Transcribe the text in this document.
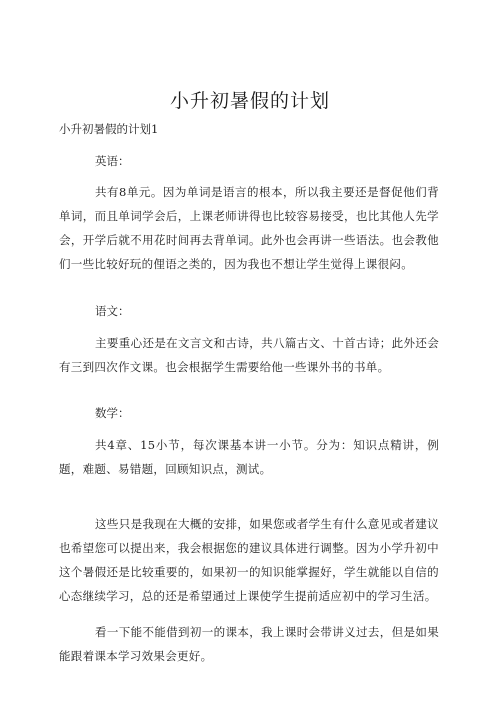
小升初暑假的计划
小升初暑假的计划1
英语：
共有8单元。因为单词是语言的根本，所以我主要还是督促他们背单词，而且单词学会后，上课老师讲得也比较容易接受，也比其他人先学会，开学后就不用花时间再去背单词。此外也会再讲一些语法。也会教他们一些比较好玩的俚语之类的，因为我也不想让学生觉得上课很闷。
语文：
主要重心还是在文言文和古诗，共八篇古文、十首古诗；此外还会有三到四次作文课。也会根据学生需要给他一些课外书的书单。
数学：
共4章、15小节，每次课基本讲一小节。分为：知识点精讲，例题，难题、易错题，回顾知识点，测试。
这些只是我现在大概的安排，如果您或者学生有什么意见或者建议也希望您可以提出来，我会根据您的建议具体进行调整。因为小学升初中这个暑假还是比较重要的，如果初一的知识能掌握好，学生就能以自信的心态继续学习，总的还是希望通过上课使学生提前适应初中的学习生活。
看一下能不能借到初一的课本，我上课时会带讲义过去，但是如果能跟着课本学习效果会更好。
